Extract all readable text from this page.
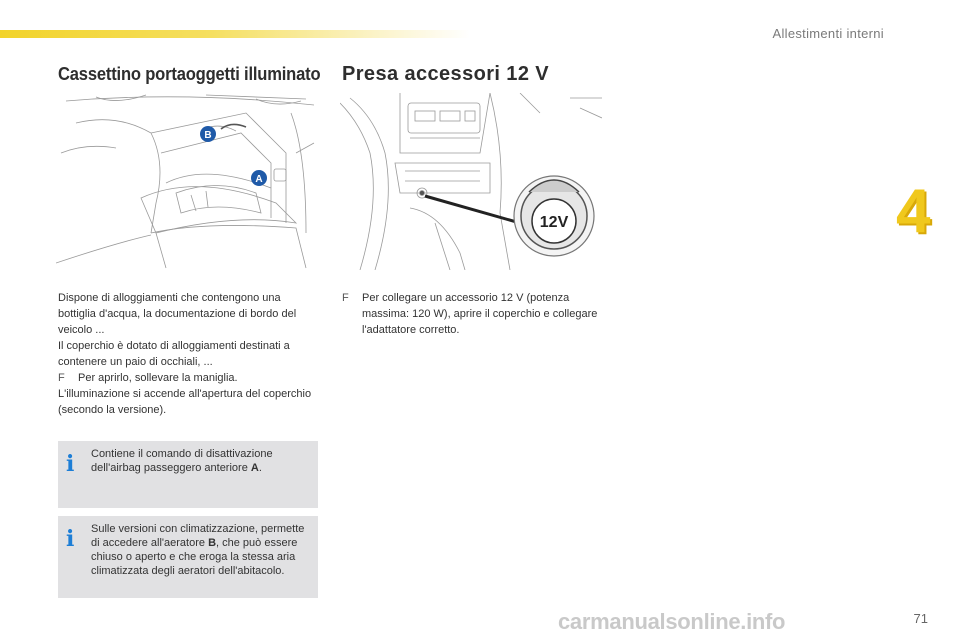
Allestimenti interni
4
Cassettino portaoggetti illuminato Presa accessori 12 V
B
A
12V

Dispone di alloggiamenti che contengono una bottiglia d'acqua, la documentazione di bordo del veicolo ...

Il coperchio è dotato di alloggiamenti destinati a contenere un paio di occhiali, ...

F Per aprirlo, sollevare la maniglia.

L'illuminazione si accende all'apertura del coperchio (secondo la versione).

i	Contiene il comando di disattivazione dell'airbag passeggero anteriore A.
i	Sulle versioni con climatizzazione, permette di accedere all'aeratore B, che può essere chiuso o aperto e che eroga la stessa aria climatizzata degli aeratori dell'abitacolo.

F Per collegare un accessorio 12 V (potenza massima: 120 W), aprire il coperchio e collegare l'adattatore corretto.

carmanualsonline.info	71
